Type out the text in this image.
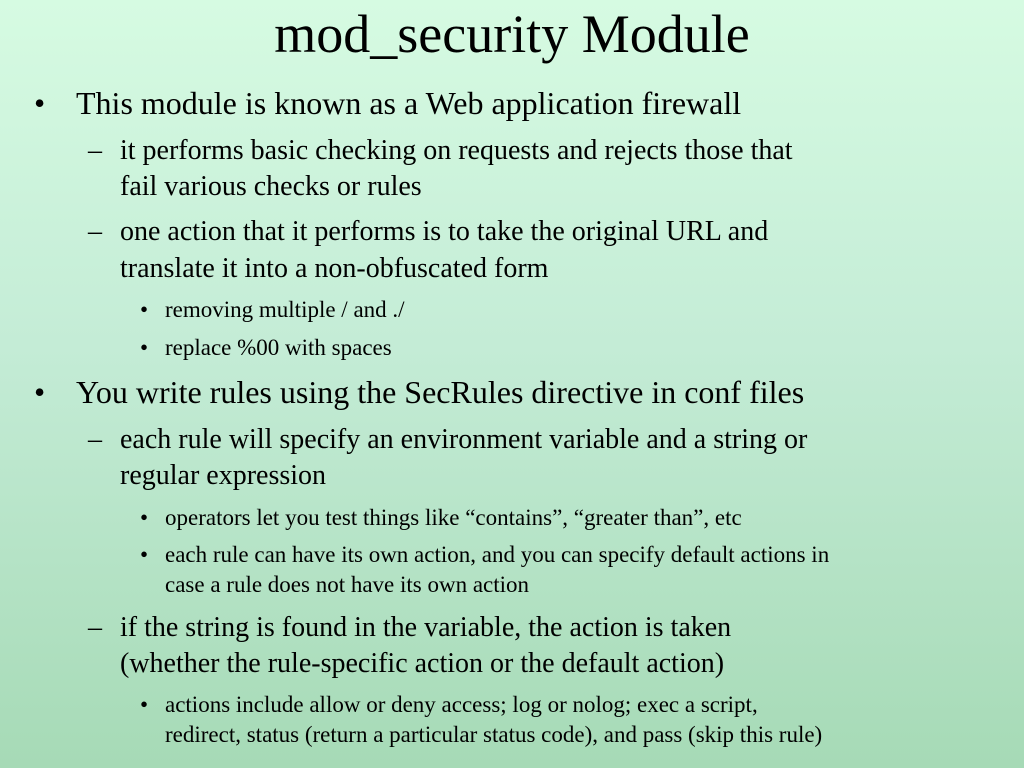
mod_security Module
• This module is known as a Web application firewall
– it performs basic checking on requests and rejects those that
fail various checks or rules
– one action that it performs is to take the original URL and
translate it into a non-obfuscated form
• removing multiple / and ./
• replace %00 with spaces
• You write rules using the SecRules directive in conf files
– each rule will specify an environment variable and a string or
regular expression
• operators let you test things like “contains”, “greater than”, etc
• each rule can have its own action, and you can specify default actions in
case a rule does not have its own action
– if the string is found in the variable, the action is taken
(whether the rule-specific action or the default action)
• actions include allow or deny access; log or nolog; exec a script,
redirect, status (return a particular status code), and pass (skip this rule)
